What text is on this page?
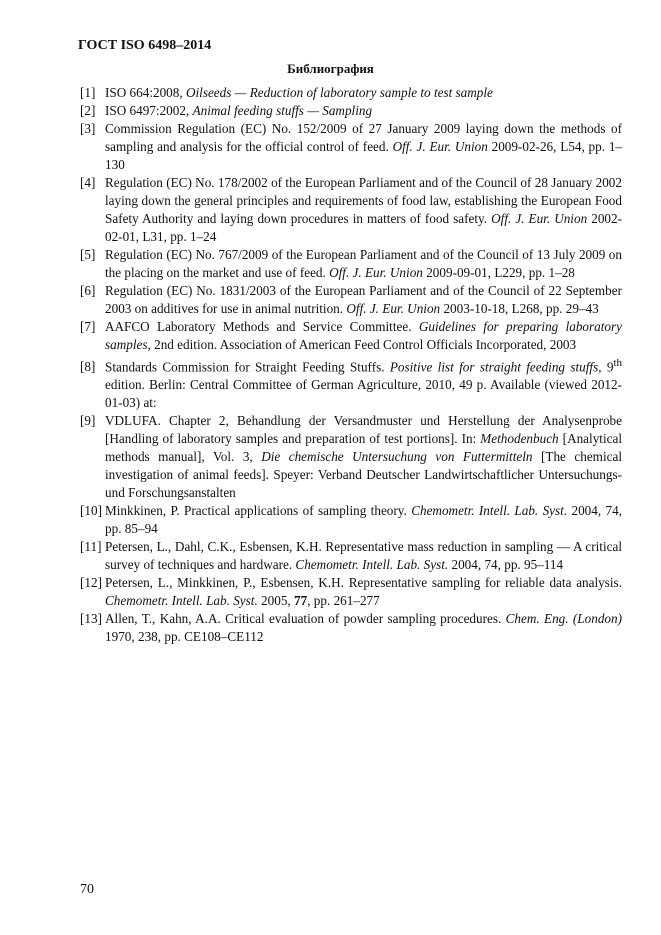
ГОСТ ISO 6498–2014
Библиография

[1] ISO 664:2008, Oilseeds — Reduction of laboratory sample to test sample

[2] ISO 6497:2002, Animal feeding stuffs — Sampling

[3] Commission Regulation (EC) No. 152/2009 of 27 January 2009 laying down the methods of sampling and analysis for the official control of feed. Off. J. Eur. Union 2009-02-26, L54, pp. 1–130

[4] Regulation (EC) No. 178/2002 of the European Parliament and of the Council of 28 January 2002 laying down the general principles and requirements of food law, establishing the European Food Safety Authority and laying down procedures in matters of food safety. Off. J. Eur. Union 2002-02-01, L31, pp. 1–24

[5] Regulation (EC) No. 767/2009 of the European Parliament and of the Council of 13 July 2009 on the placing on the market and use of feed. Off. J. Eur. Union 2009-09-01, L229, pp. 1–28

[6] Regulation (EC) No. 1831/2003 of the European Parliament and of the Council of 22 September 2003 on additives for use in animal nutrition. Off. J. Eur. Union 2003-10-18, L268, pp. 29–43

[7] AAFCO Laboratory Methods and Service Committee. Guidelines for preparing laboratory samples, 2nd edition. Association of American Feed Control Officials Incorporated, 2003

[8] Standards Commission for Straight Feeding Stuffs. Positive list for straight feeding stuffs, 9th edition. Berlin: Central Committee of German Agriculture, 2010, 49 p. Available (viewed 2012-01-03) at:

[9] VDLUFA. Chapter 2, Behandlung der Versandmuster und Herstellung der Analysenprobe [Handling of laboratory samples and preparation of test portions]. In: Methodenbuch [Analytical methods manual], Vol. 3, Die chemische Untersuchung von Futtermitteln [The chemical investigation of animal feeds]. Speyer: Verband Deutscher Landwirtschaftlicher Untersuchungs- und Forschungsanstalten

[10] Minkkinen, P. Practical applications of sampling theory. Chemometr. Intell. Lab. Syst. 2004, 74, pp. 85–94

[11] Petersen, L., Dahl, C.K., Esbensen, K.H. Representative mass reduction in sampling — A critical survey of techniques and hardware. Chemometr. Intell. Lab. Syst. 2004, 74, pp. 95–114

[12] Petersen, L., Minkkinen, P., Esbensen, K.H. Representative sampling for reliable data analysis. Chemometr. Intell. Lab. Syst. 2005, 77, pp. 261–277

[13] Allen, T., Kahn, A.A. Critical evaluation of powder sampling procedures. Chem. Eng. (London) 1970, 238, pp. CE108–CE112

70
